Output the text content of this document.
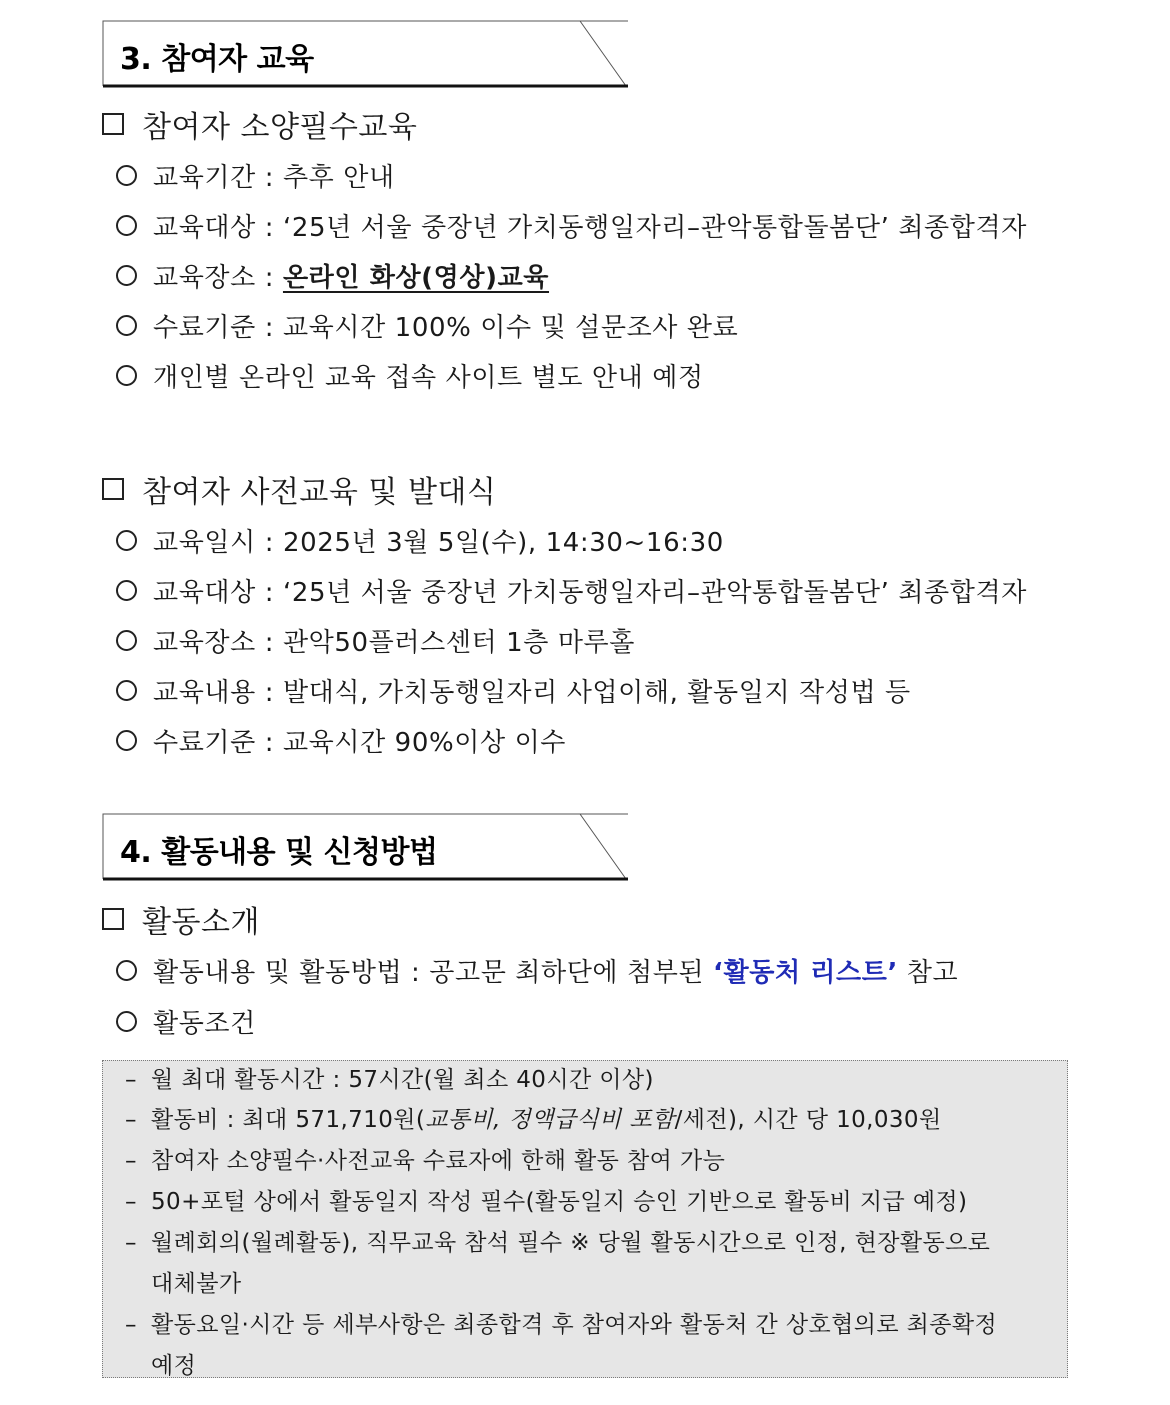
3. 참여자 교육
참여자 소양필수교육
교육기간 : 추후 안내
교육대상 : ‘25년 서울 중장년 가치동행일자리–관악통합돌봄단’ 최종합격자
교육장소 : 온라인 화상(영상)교육
수료기준 : 교육시간 100% 이수 및 설문조사 완료
개인별 온라인 교육 접속 사이트 별도 안내 예정
참여자 사전교육 및 발대식
교육일시 : 2025년 3월 5일(수), 14:30~16:30
교육대상 : ‘25년 서울 중장년 가치동행일자리–관악통합돌봄단’ 최종합격자
교육장소 : 관악50플러스센터 1층 마루홀
교육내용 : 발대식, 가치동행일자리 사업이해, 활동일지 작성법 등
수료기준 : 교육시간 90%이상 이수
4. 활동내용 및 신청방법
활동소개
활동내용 및 활동방법 : 공고문 최하단에 첨부된 ‘활동처 리스트’ 참고
활동조건
– 월 최대 활동시간 : 57시간(월 최소 40시간 이상)
– 활동비 : 최대 571,710원(교통비, 정액급식비 포함/세전), 시간 당 10,030원
– 참여자 소양필수·사전교육 수료자에 한해 활동 참여 가능
– 50+포털 상에서 활동일지 작성 필수(활동일지 승인 기반으로 활동비 지급 예정)
– 월례회의(월례활동), 직무교육 참석 필수 ※ 당월 활동시간으로 인정, 현장활동으로
대체불가
– 활동요일·시간 등 세부사항은 최종합격 후 참여자와 활동처 간 상호협의로 최종확정
예정
